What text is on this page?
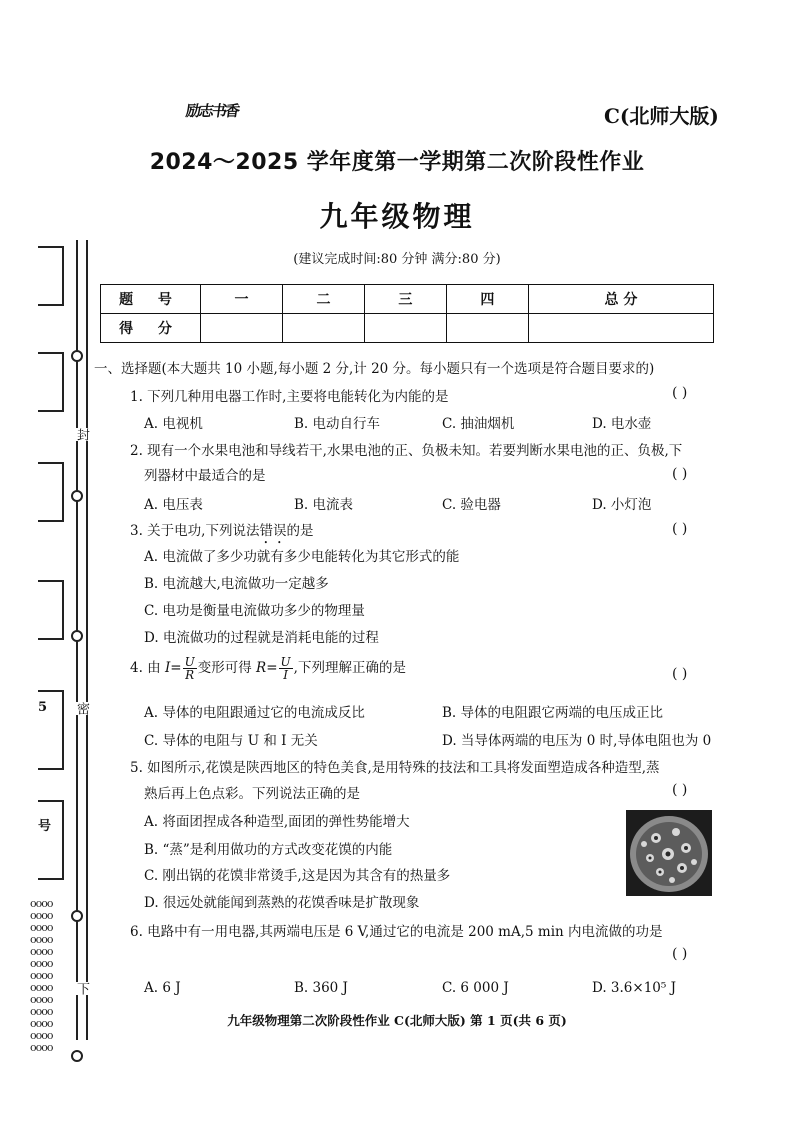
封
密
下
5
号
oooo
oooo
oooo
oooo
oooo
oooo
oooo
oooo
oooo
oooo
oooo
oooo
oooo
励志书香	C(北师大版)
2024～2025 学年度第一学期第二次阶段性作业
九年级物理
(建议完成时间:80 分钟 满分:80 分)
题 号	一	二	三	四	总 分
得 分					
一、选择题(本大题共 10 小题,每小题 2 分,计 20 分。每小题只有一个选项是符合题目要求的)
1. 下列几种用电器工作时,主要将电能转化为内能的是	( )
A. 电视机	B. 电动自行车	C. 抽油烟机	D. 电水壶
2. 现有一个水果电池和导线若干,水果电池的正、负极未知。若要判断水果电池的正、负极,下
列器材中最适合的是	( )
A. 电压表	B. 电流表	C. 验电器	D. 小灯泡
3. 关于电功,下列说法错误的是	( )
A. 电流做了多少功就有多少电能转化为其它形式的能
B. 电流越大,电流做功一定越多
C. 电功是衡量电流做功多少的物理量
D. 电流做功的过程就是消耗电能的过程
4. 由 $I= \frac{U}{R}$ 变形可得 $R= \frac{U}{I}$ ,下列理解正确的是	( )
A. 导体的电阻跟通过它的电流成反比	B. 导体的电阻跟它两端的电压成正比
C. 导体的电阻与 U 和 I 无关	D. 当导体两端的电压为 0 时,导体电阻也为 0
5. 如图所示,花馍是陕西地区的特色美食,是用特殊的技法和工具将发面塑造成各种造型,蒸
熟后再上色点彩。下列说法正确的是	( )
A. 将面团捏成各种造型,面团的弹性势能增大
B. “蒸”是利用做功的方式改变花馍的内能
C. 刚出锅的花馍非常烫手,这是因为其含有的热量多
D. 很远处就能闻到蒸熟的花馍香味是扩散现象
6. 电路中有一用电器,其两端电压是 6 V,通过它的电流是 200 mA,5 min 内电流做的功是
( )
A. 6 J	B. 360 J	C. 6 000 J	D. 3.6×10⁵ J
九年级物理第二次阶段性作业 C(北师大版) 第 1 页(共 6 页)
